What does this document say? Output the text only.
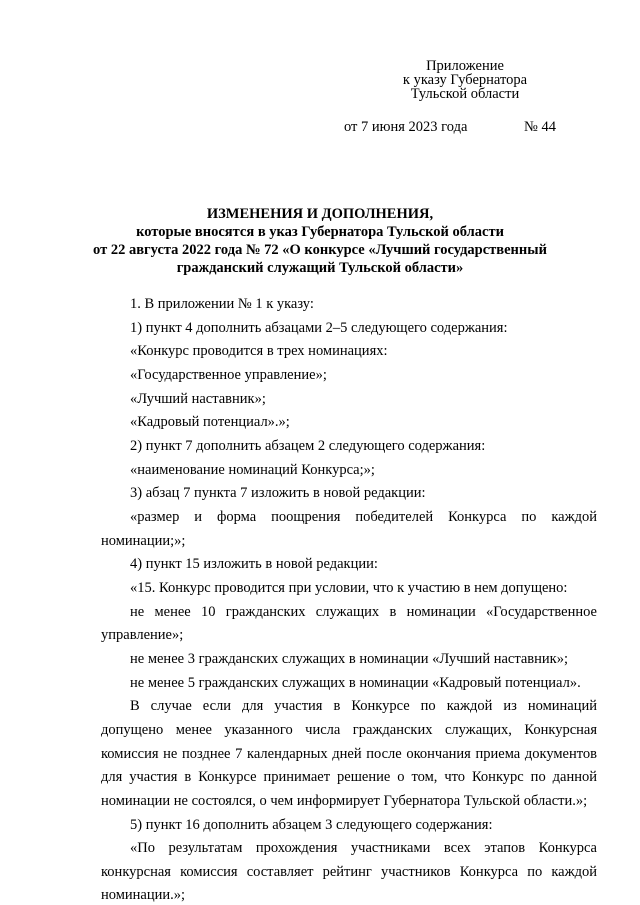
Приложение
к указу Губернатора
Тульской области
от 7 июня 2023 года	№ 44
ИЗМЕНЕНИЯ И ДОПОЛНЕНИЯ,
которые вносятся в указ Губернатора Тульской области
от 22 августа 2022 года № 72 «О конкурсе «Лучший государственный
гражданский служащий Тульской области»
1. В приложении № 1 к указу:
1) пункт 4 дополнить абзацами 2–5 следующего содержания:
«Конкурс проводится в трех номинациях:
«Государственное управление»;
«Лучший наставник»;
«Кадровый потенциал».»;
2) пункт 7 дополнить абзацем 2 следующего содержания:
«наименование номинаций Конкурса;»;
3) абзац 7 пункта 7 изложить в новой редакции:
«размер и форма поощрения победителей Конкурса по каждой
номинации;»;
4) пункт 15 изложить в новой редакции:
«15. Конкурс проводится при условии, что к участию в нем допущено:
не менее 10 гражданских служащих в номинации «Государственное
управление»;
не менее 3 гражданских служащих в номинации «Лучший наставник»;
не менее 5 гражданских служащих в номинации «Кадровый потенциал».
В случае если для участия в Конкурсе по каждой из номинаций
допущено менее указанного числа гражданских служащих, Конкурсная
комиссия не позднее 7 календарных дней после окончания приема документов
для участия в Конкурсе принимает решение о том, что Конкурс по данной
номинации не состоялся, о чем информирует Губернатора Тульской области.»;
5) пункт 16 дополнить абзацем 3 следующего содержания:
«По результатам прохождения участниками всех этапов Конкурса
конкурсная комиссия составляет рейтинг участников Конкурса по каждой
номинации.»;
